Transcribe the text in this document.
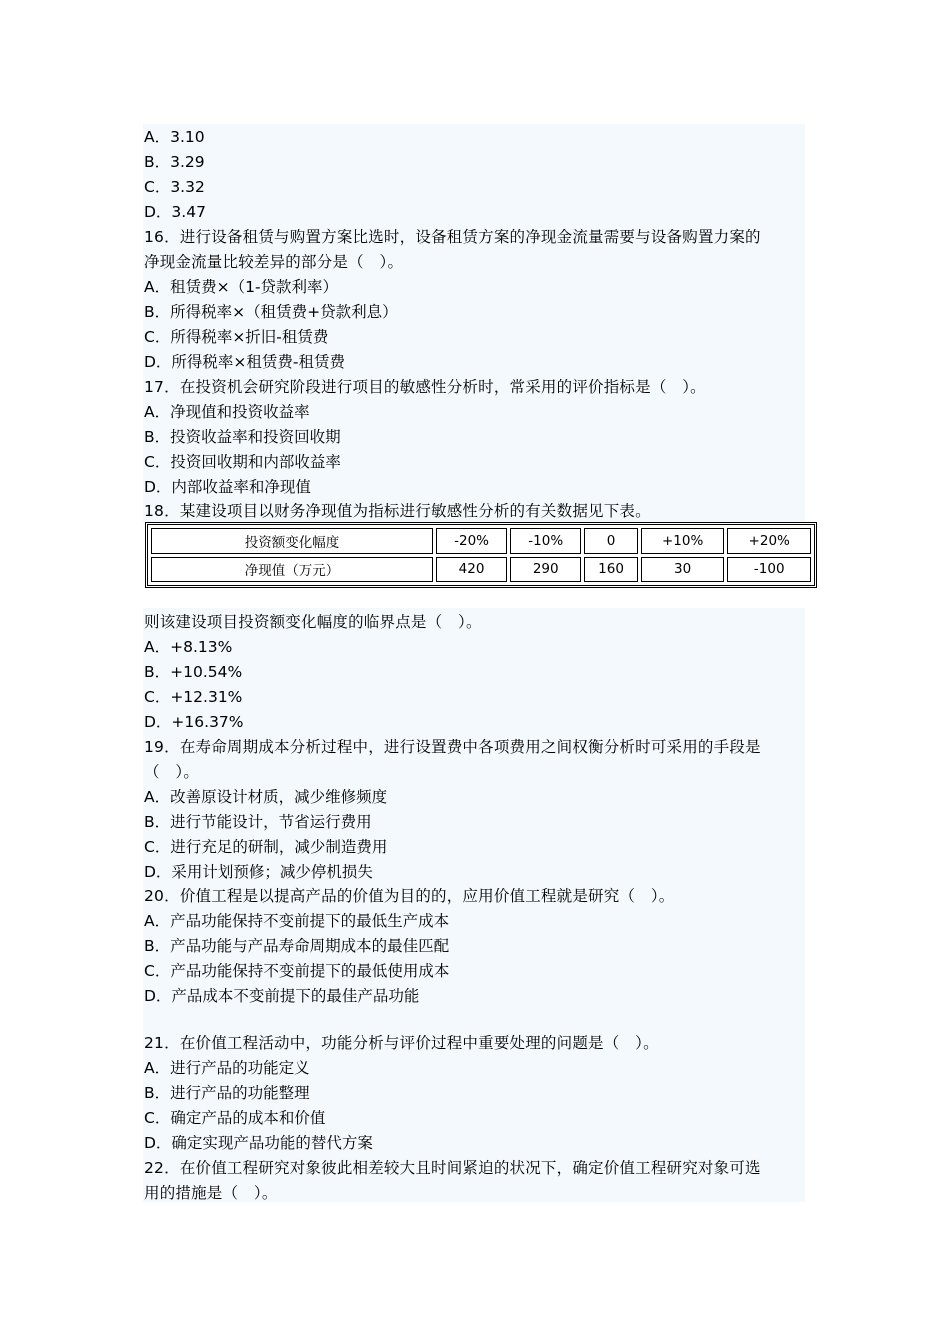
A．3.10
B．3.29
C．3.32
D．3.47
16．进行设备租赁与购置方案比选时，设备租赁方案的净现金流量需要与设备购置力案的
净现金流量比较差异的部分是（　）。
A．租赁费×（1-贷款利率）
B．所得税率×（租赁费+贷款利息）
C．所得税率×折旧-租赁费
D．所得税率×租赁费-租赁费
17．在投资机会研究阶段进行项目的敏感性分析时，常采用的评价指标是（　）。
A．净现值和投资收益率
B．投资收益率和投资回收期
C．投资回收期和内部收益率
D．内部收益率和净现值
18．某建设项目以财务净现值为指标进行敏感性分析的有关数据见下表。
投资额变化幅度	-20%	-10%	0	+10%	+20%
净现值（万元）	420	290	160	30	-100
则该建设项目投资额变化幅度的临界点是（　）。
A．+8.13%
B．+10.54%
C．+12.31%
D．+16.37%
19．在寿命周期成本分析过程中，进行设置费中各项费用之间权衡分析时可采用的手段是
（　）。
A．改善原设计材质，减少维修频度
B．进行节能设计，节省运行费用
C．进行充足的研制，减少制造费用
D．采用计划预修；减少停机损失
20．价值工程是以提高产品的价值为目的的，应用价值工程就是研究（　）。
A．产品功能保持不变前提下的最低生产成本
B．产品功能与产品寿命周期成本的最佳匹配
C．产品功能保持不变前提下的最低使用成本
D．产品成本不变前提下的最佳产品功能
21．在价值工程活动中，功能分析与评价过程中重要处理的问题是（　）。
A．进行产品的功能定义
B．进行产品的功能整理
C．确定产品的成本和价值
D．确定实现产品功能的替代方案
22．在价值工程研究对象彼此相差较大且时间紧迫的状况下，确定价值工程研究对象可选
用的措施是（　）。
